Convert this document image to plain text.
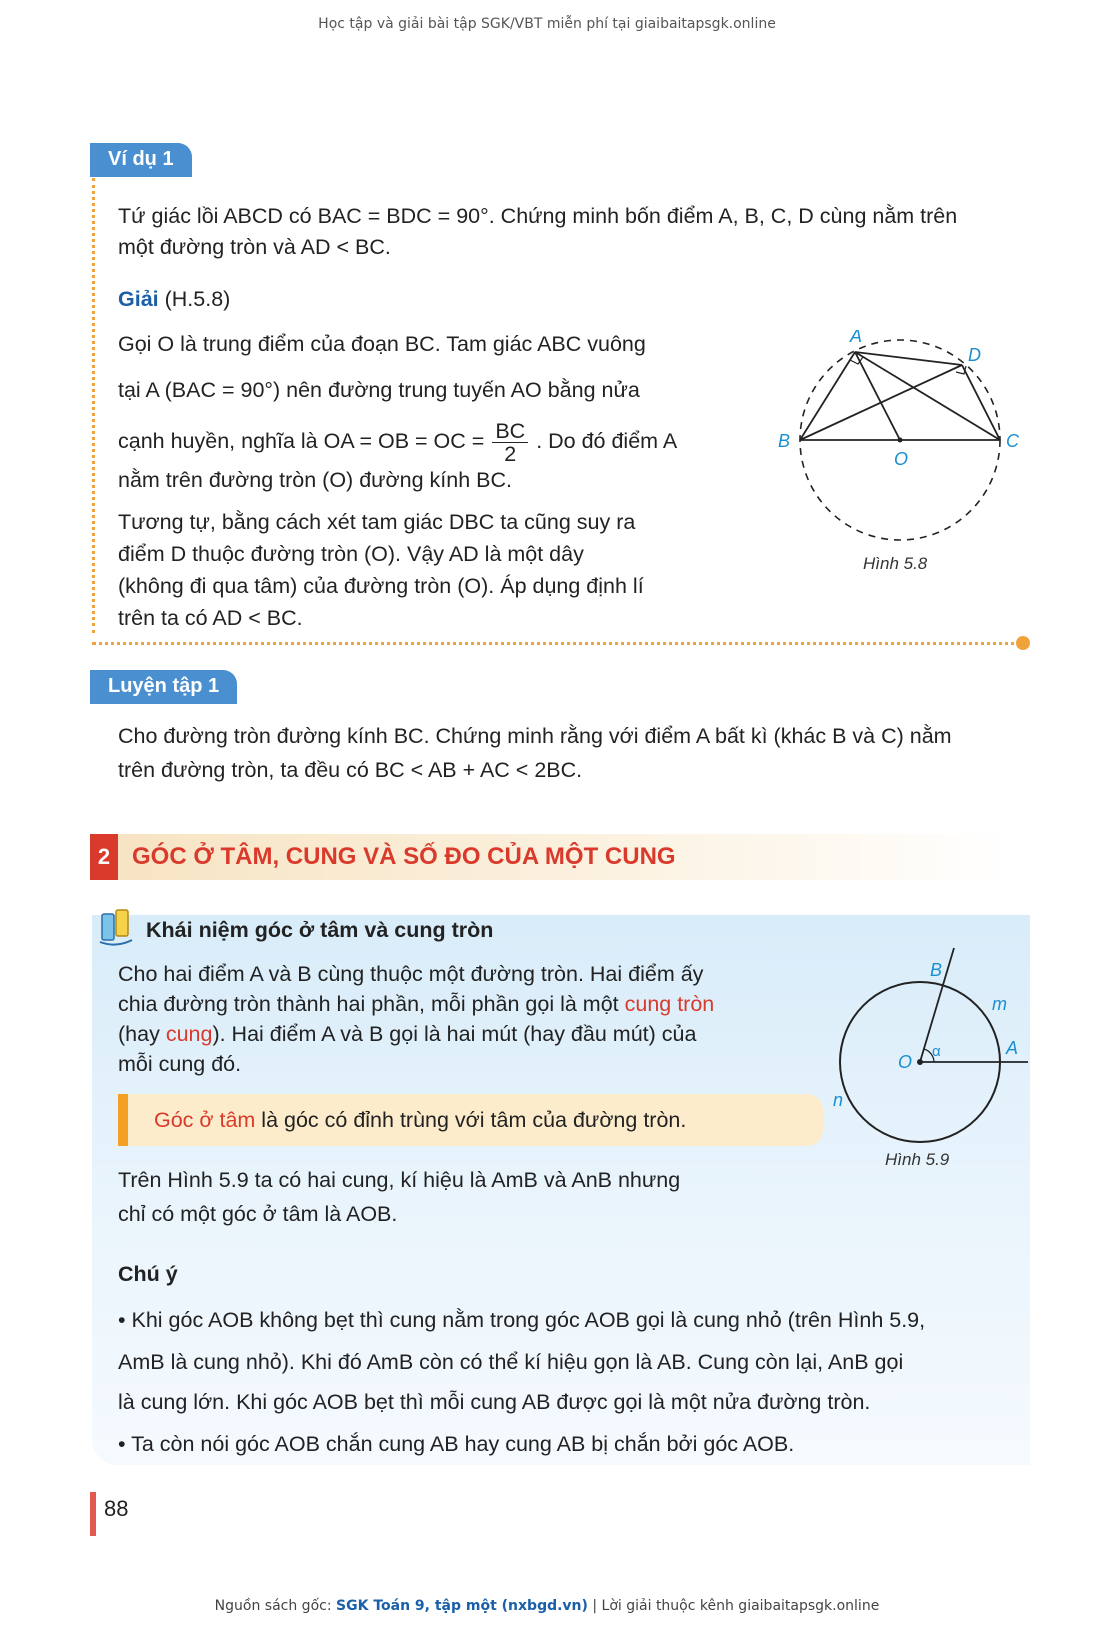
Học tập và giải bài tập SGK/VBT miễn phí tại giaibaitapsgk.online
Ví dụ 1
Tứ giác lồi ABCD có BAC = BDC = 90°. Chứng minh bốn điểm A, B, C, D cùng nằm trên
một đường tròn và AD < BC.
Giải (H.5.8)
Gọi O là trung điểm của đoạn BC. Tam giác ABC vuông
tại A (BAC = 90°) nên đường trung tuyến AO bằng nửa
cạnh huyền, nghĩa là OA = OB = OC = $\frac{BC}{2}$ . Do đó điểm A
nằm trên đường tròn (O) đường kính BC.
Tương tự, bằng cách xét tam giác DBC ta cũng suy ra
điểm D thuộc đường tròn (O). Vậy AD là một dây
(không đi qua tâm) của đường tròn (O). Áp dụng định lí
trên ta có AD < BC.
A
D
B	C
O
Hình 5.8
Luyện tập 1
Cho đường tròn đường kính BC. Chứng minh rằng với điểm A bất kì (khác B và C) nằm
trên đường tròn, ta đều có BC < AB + AC < 2BC.
2 GÓC Ở TÂM, CUNG VÀ SỐ ĐO CỦA MỘT CUNG
Khái niệm góc ở tâm và cung tròn
Cho hai điểm A và B cùng thuộc một đường tròn. Hai điểm ấy
chia đường tròn thành hai phần, mỗi phần gọi là một cung tròn
(hay cung). Hai điểm A và B gọi là hai mút (hay đầu mút) của
mỗi cung đó.
Góc ở tâm là góc có đỉnh trùng với tâm của đường tròn.
Trên Hình 5.9 ta có hai cung, kí hiệu là AmB và AnB nhưng
chỉ có một góc ở tâm là AOB.
Chú ý
• Khi góc AOB không bẹt thì cung nằm trong góc AOB gọi là cung nhỏ (trên Hình 5.9,
AmB là cung nhỏ). Khi đó AmB còn có thể kí hiệu gọn là AB. Cung còn lại, AnB gọi
là cung lớn. Khi góc AOB bẹt thì mỗi cung AB được gọi là một nửa đường tròn.
• Ta còn nói góc AOB chắn cung AB hay cung AB bị chắn bởi góc AOB.
B
m
O
α	A
n
Hình 5.9
88
Nguồn sách gốc: SGK Toán 9, tập một (nxbgd.vn) | Lời giải thuộc kênh giaibaitapsgk.online
